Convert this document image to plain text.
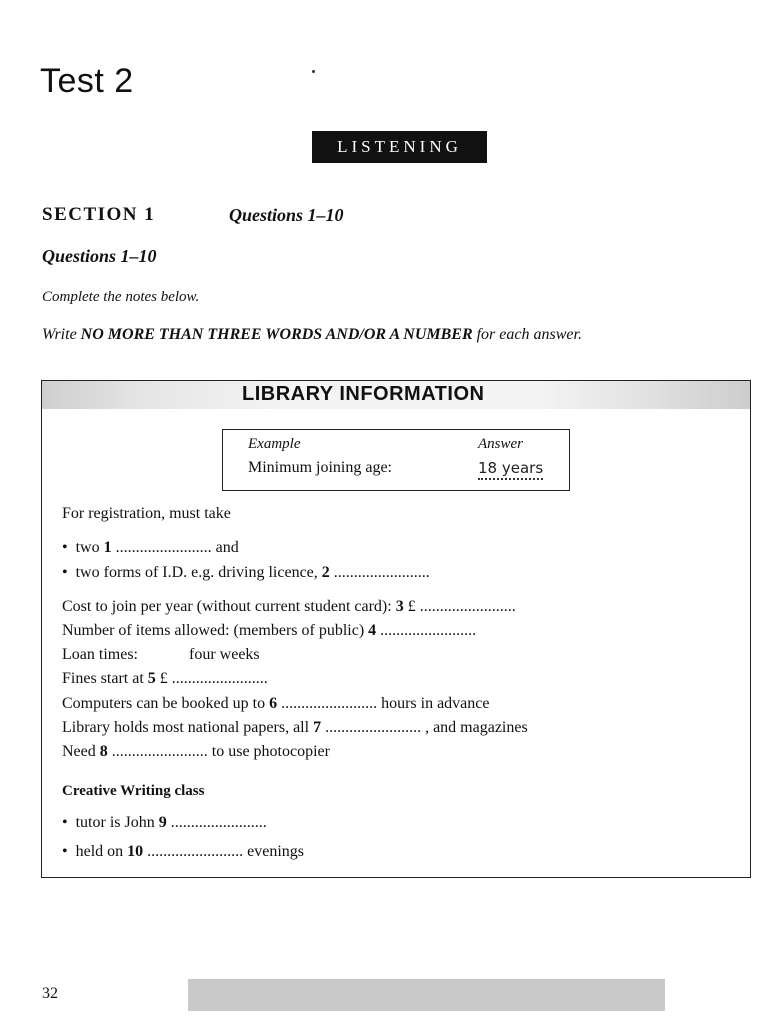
Test 2
LISTENING
SECTION 1	Questions 1–10
Questions 1–10
Complete the notes below.
Write NO MORE THAN THREE WORDS AND/OR A NUMBER for each answer.
LIBRARY INFORMATION
Example	Answer
Minimum joining age:	18 years
For registration, must take
• two 1 ........................ and
• two forms of I.D. e.g. driving licence, 2 ........................
Cost to join per year (without current student card): 3 £ ........................
Number of items allowed: (members of public) 4 ........................
Loan times:	four weeks
Fines start at 5 £ ........................
Computers can be booked up to 6 ........................ hours in advance
Library holds most national papers, all 7 ........................ , and magazines
Need 8 ........................ to use photocopier
Creative Writing class
• tutor is John 9 ........................
• held on 10 ........................ evenings
32
